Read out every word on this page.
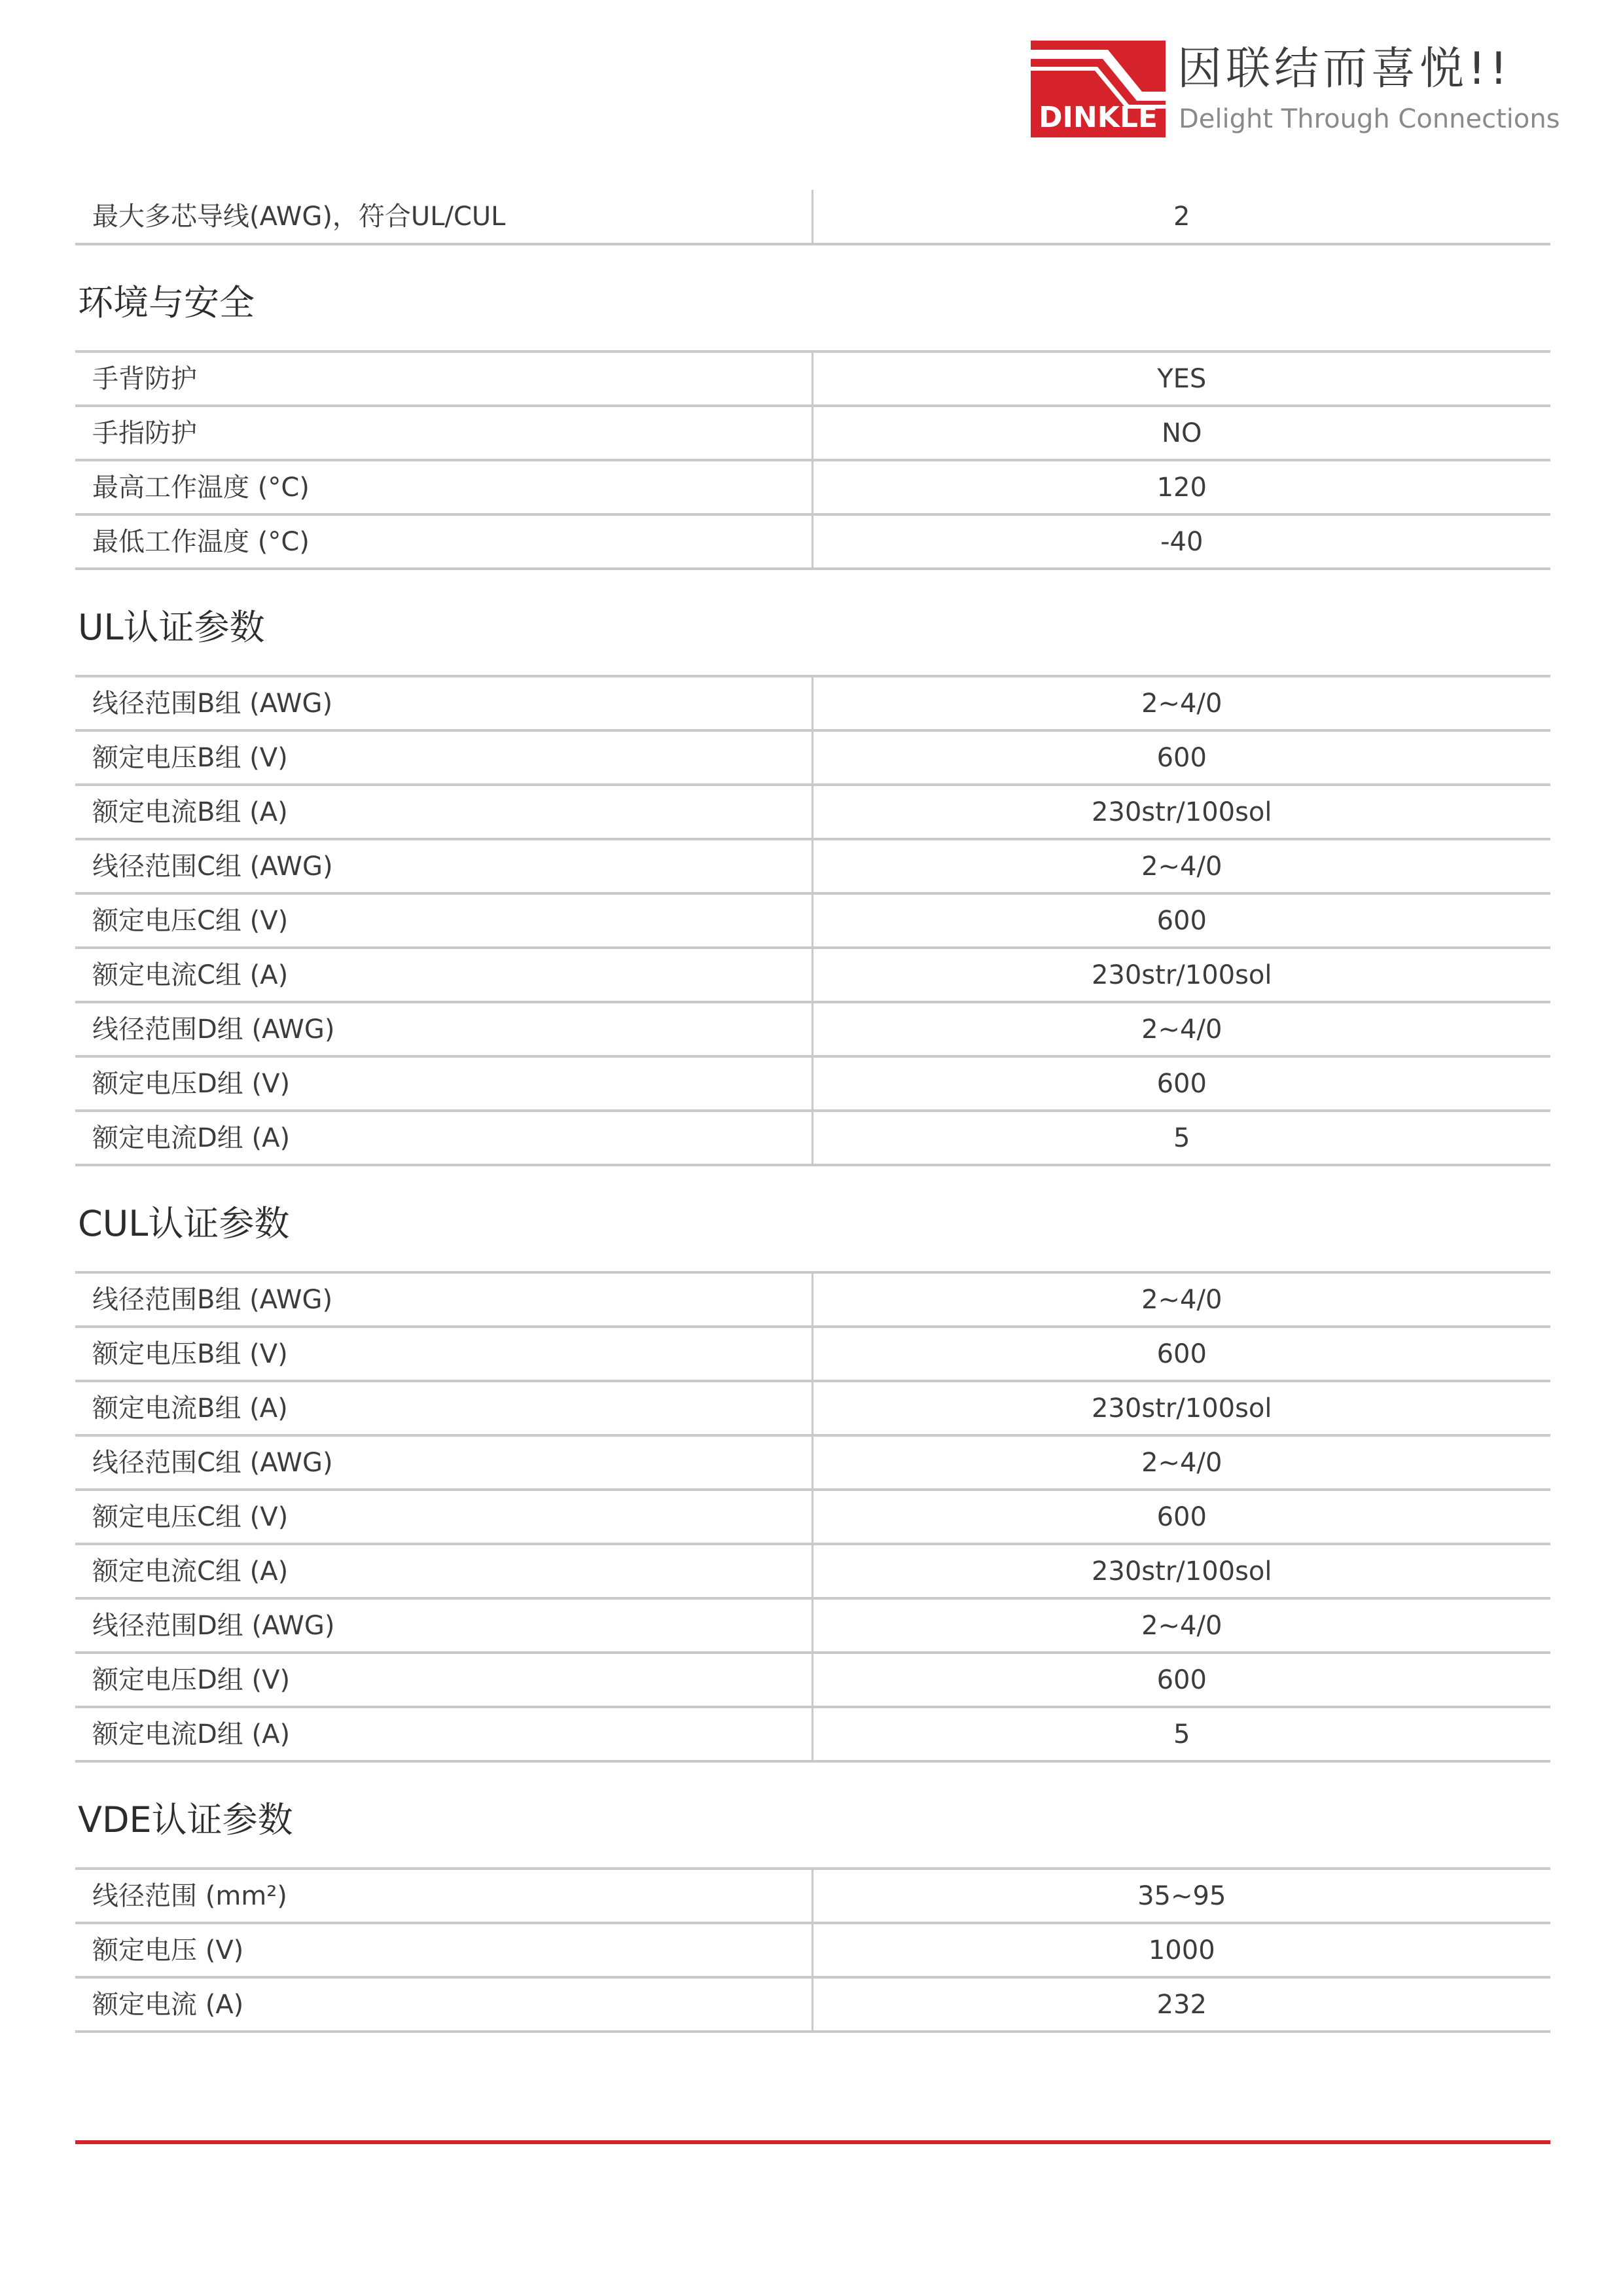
DINKLE
因联结而喜悦!!
Delight Through Connections
最大多芯导线(AWG)，符合UL/CUL	2
环境与安全
手背防护	YES
手指防护	NO
最高工作温度 (°C)	120
最低工作温度 (°C)	-40
UL认证参数
线径范围B组 (AWG)	2~4/0
额定电压B组 (V)	600
额定电流B组 (A)	230str/100sol
线径范围C组 (AWG)	2~4/0
额定电压C组 (V)	600
额定电流C组 (A)	230str/100sol
线径范围D组 (AWG)	2~4/0
额定电压D组 (V)	600
额定电流D组 (A)	5
CUL认证参数
线径范围B组 (AWG)	2~4/0
额定电压B组 (V)	600
额定电流B组 (A)	230str/100sol
线径范围C组 (AWG)	2~4/0
额定电压C组 (V)	600
额定电流C组 (A)	230str/100sol
线径范围D组 (AWG)	2~4/0
额定电压D组 (V)	600
额定电流D组 (A)	5
VDE认证参数
线径范围 (mm²)	35~95
额定电压 (V)	1000
额定电流 (A)	232
